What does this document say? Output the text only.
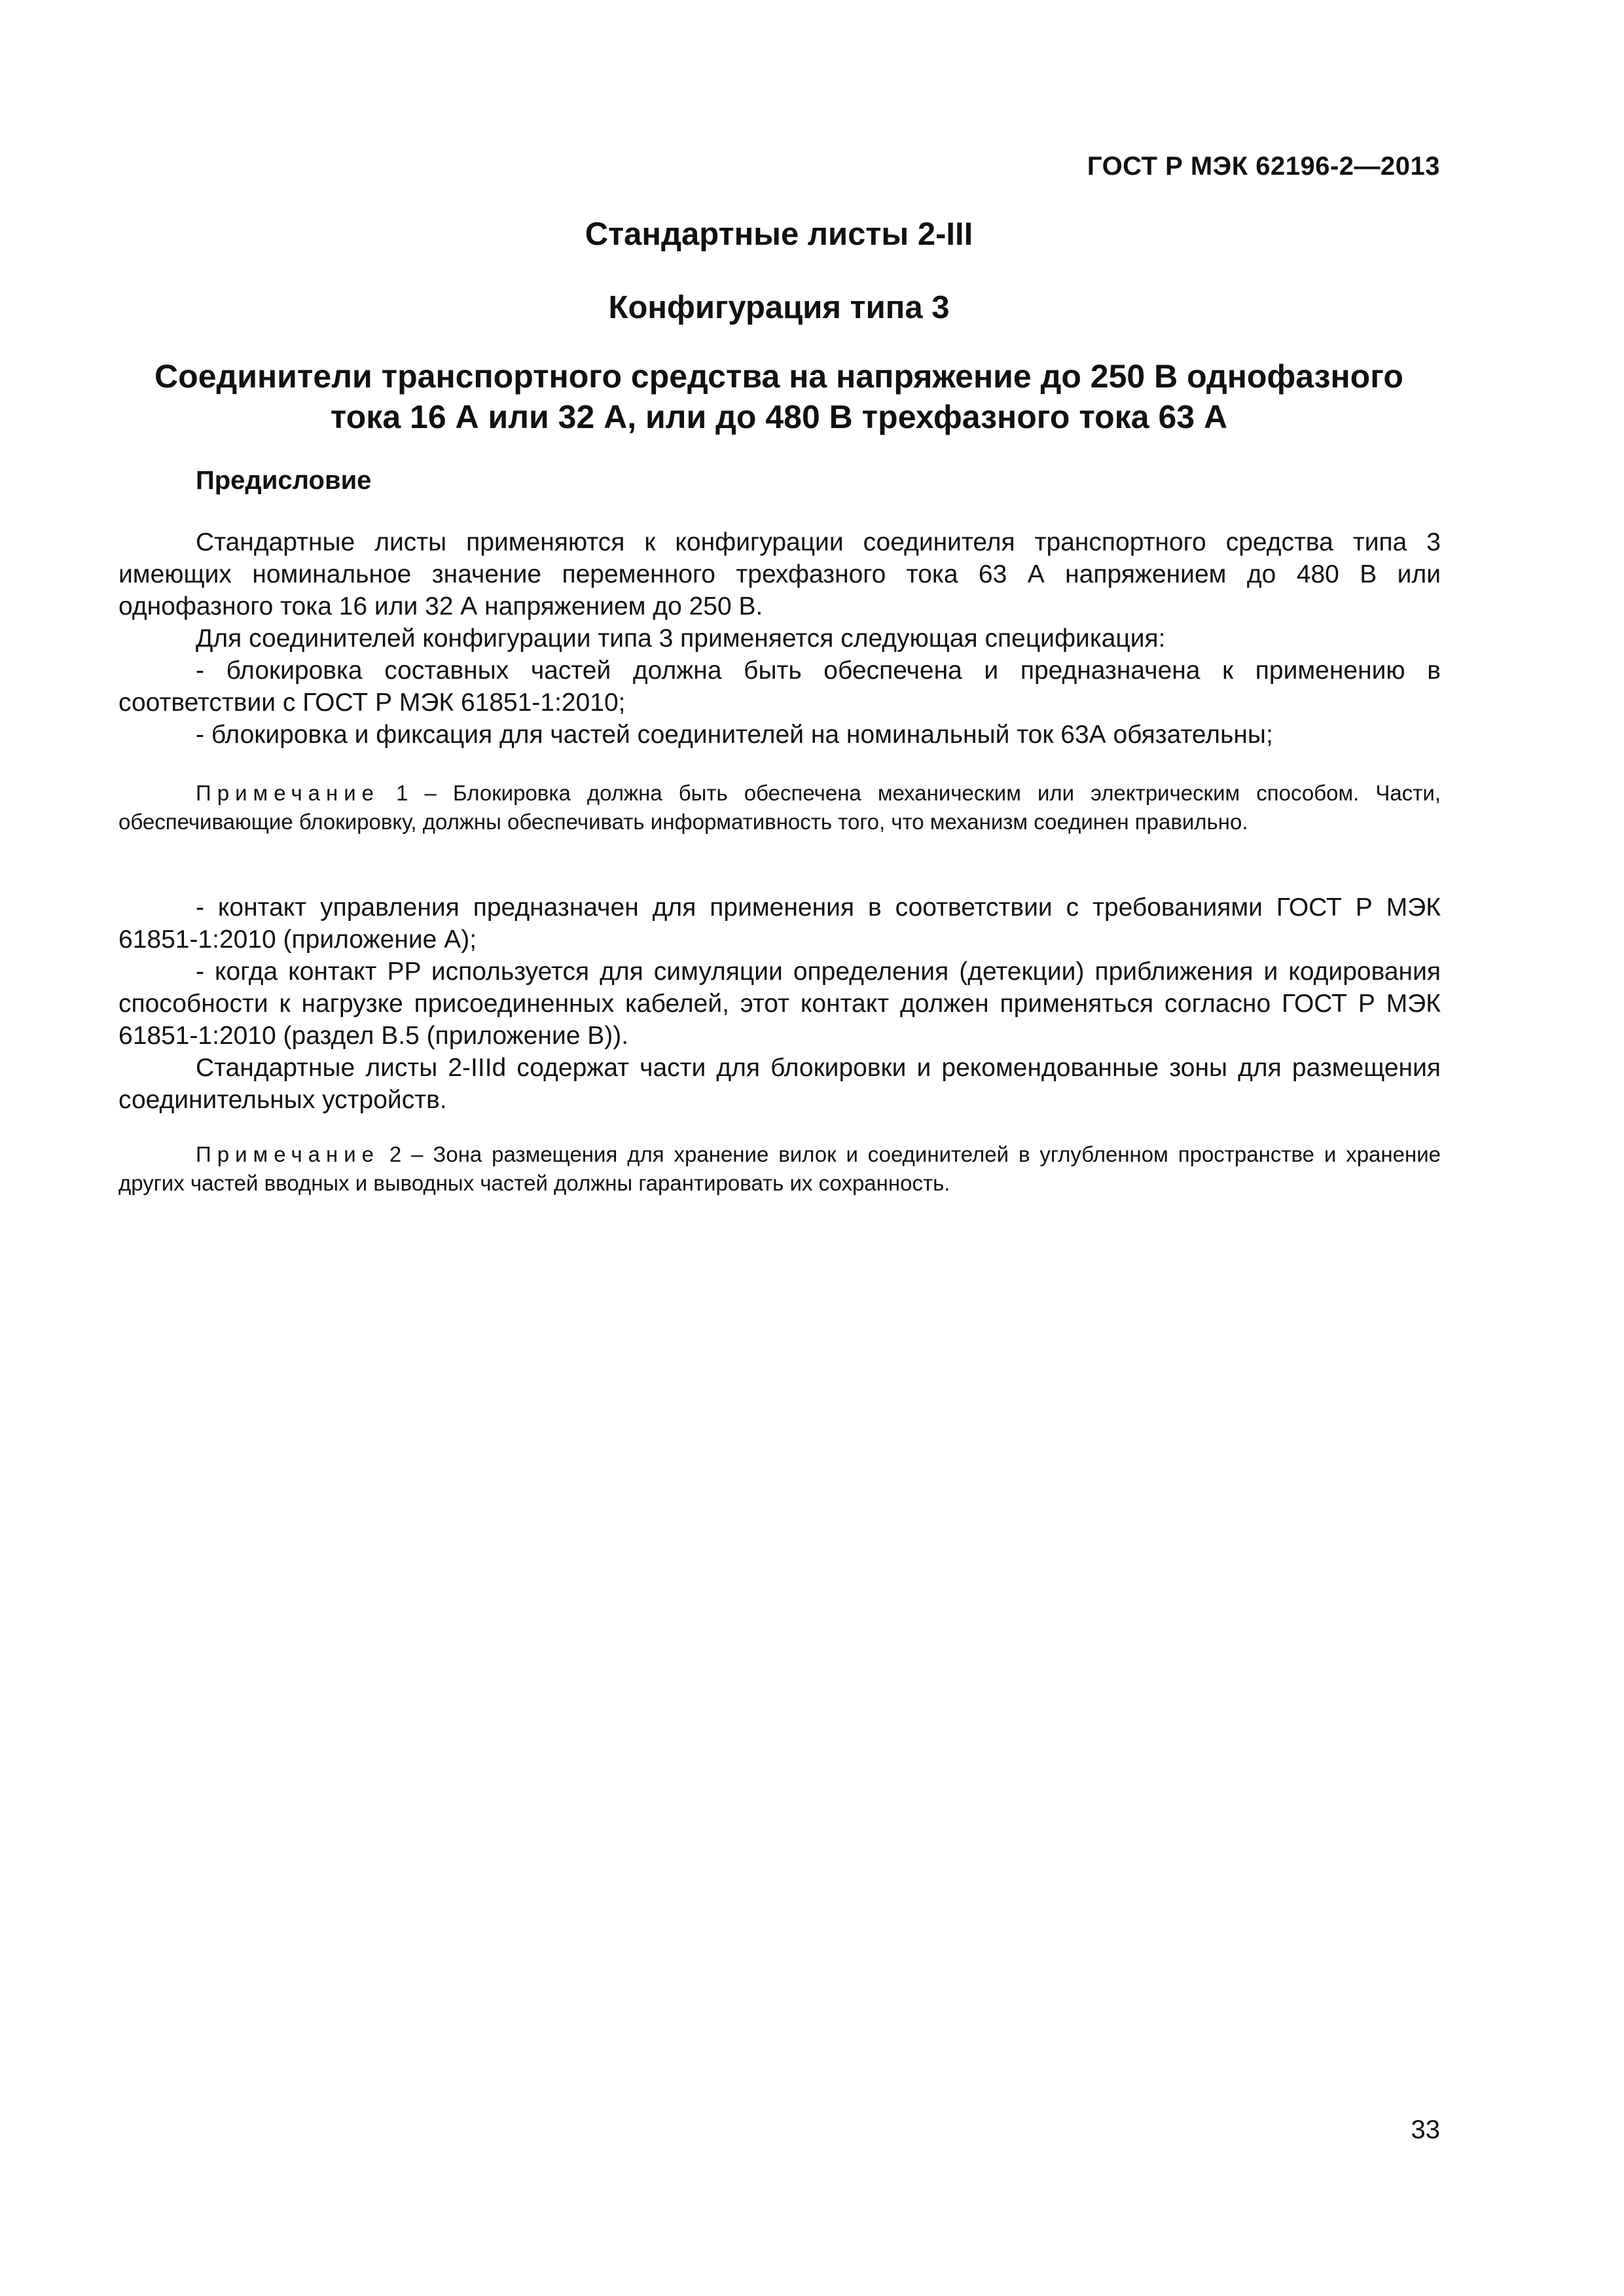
ГОСТ Р МЭК 62196-2—2013
Стандартные листы 2-III
Конфигурация типа 3
Соединители транспортного средства на напряжение до 250 В однофазного
тока 16 А или 32 А, или до 480 В трехфазного тока 63 А
Предисловие

Стандартные листы применяются к конфигурации соединителя транспортного средства типа 3 имеющих номинальное значение переменного трехфазного тока 63 А напряжением до 480 В или однофазного тока 16 или 32 А напряжением до 250 В.

Для соединителей конфигурации типа 3 применяется следующая спецификация:

- блокировка составных частей должна быть обеспечена и предназначена к применению в соответствии с ГОСТ Р МЭК 61851-1:2010;

- блокировка и фиксация для частей соединителей на номинальный ток 63А обязательны;

Примечание 1 – Блокировка должна быть обеспечена механическим или электрическим способом. Части, обеспечивающие блокировку, должны обеспечивать информативность того, что механизм соединен правильно.

- контакт управления предназначен для применения в соответствии с требованиями ГОСТ Р МЭК 61851-1:2010 (приложение А);

- когда контакт PP используется для симуляции определения (детекции) приближения и кодирования способности к нагрузке присоединенных кабелей, этот контакт должен применяться согласно ГОСТ Р МЭК 61851-1:2010 (раздел В.5 (приложение В)).

Стандартные листы 2-IIId содержат части для блокировки и рекомендованные зоны для размещения соединительных устройств.

Примечание 2 – Зона размещения для хранение вилок и соединителей в углубленном пространстве и хранение других частей вводных и выводных частей должны гарантировать их сохранность.

33
